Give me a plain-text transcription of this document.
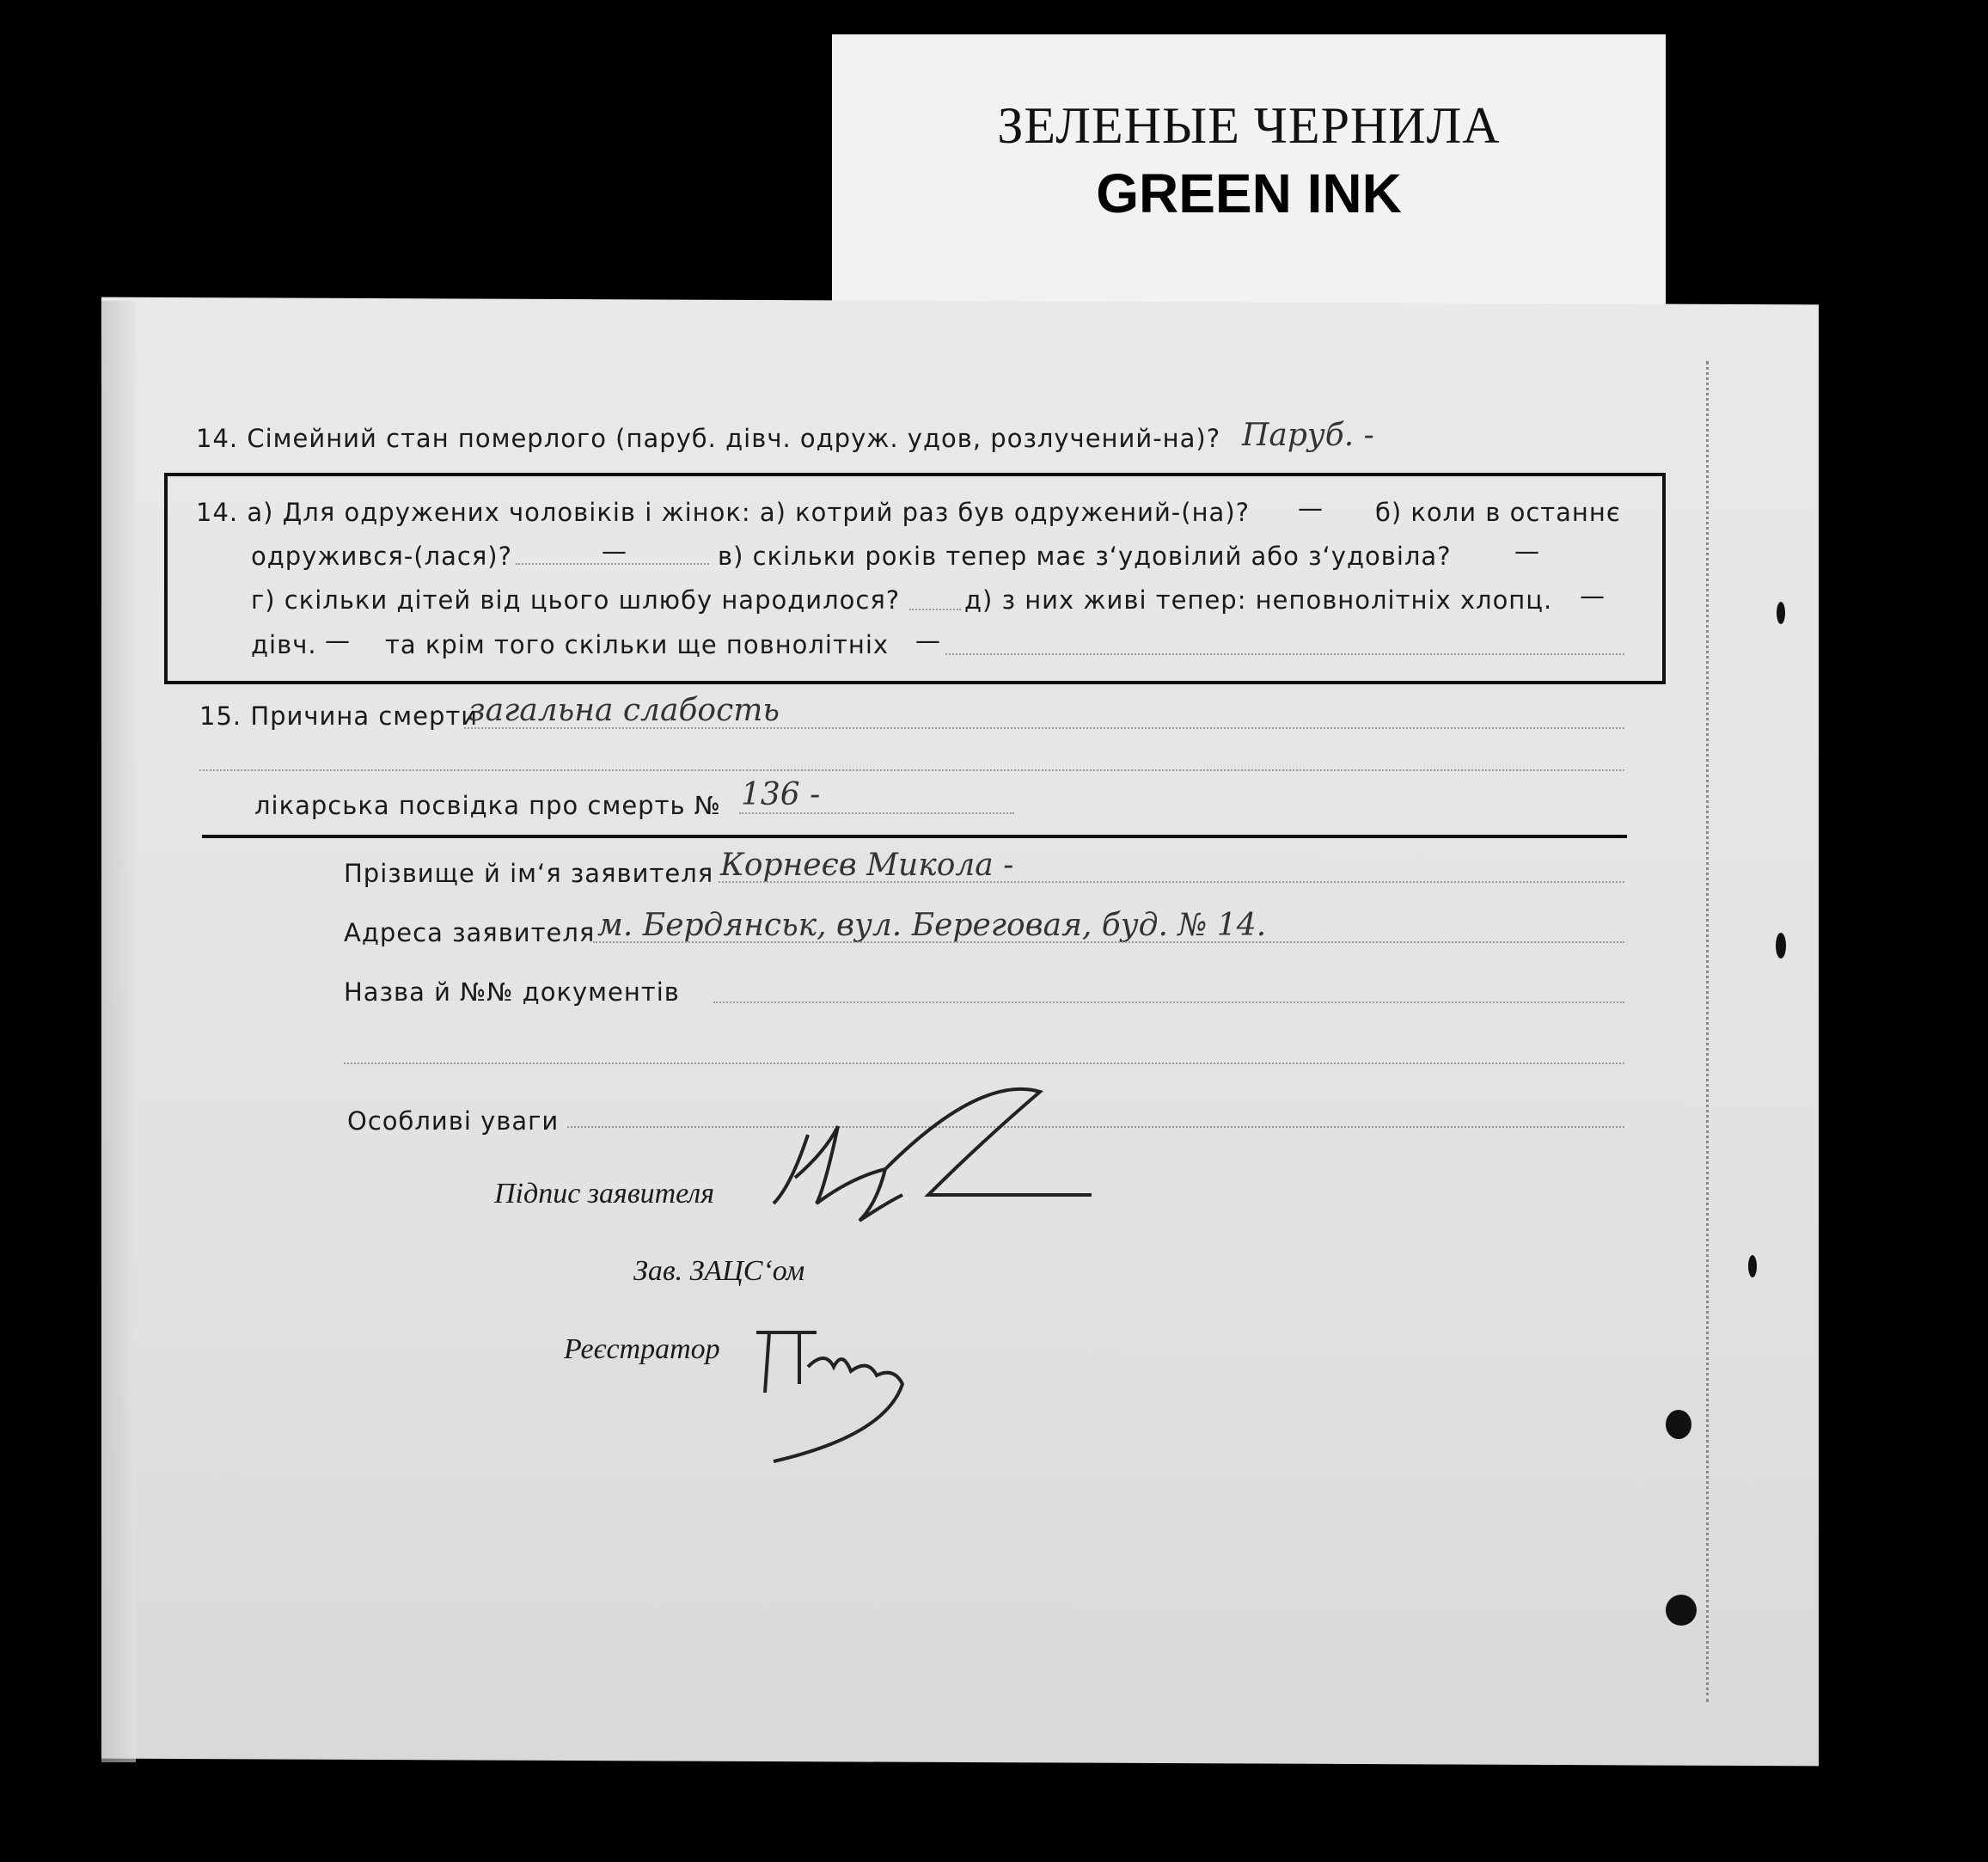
ЗЕЛЕНЫЕ ЧЕРНИЛА
GREEN INK
14. Сімейний стан померлого (паруб. дівч. одруж. удов, розлучений-на)? Паруб. -
14. а) Для одружених чоловіків і жінок: а) котрий раз був одружений-(на)? — б) коли в останнє
одружився-(лася)?	—	в) скільки років тепер має з‘удовілий або з‘удовіла?	—
г) скільки дітей від цього шлюбу народилося?	д) з них живі тепер: неповнолітніх хлопц. —
дівч. — та крім того скільки ще повнолітніх —
15. Причина смерти
загальна слабость
лікарська посвідка про смерть № 136 -
Прізвище й ім‘я заявителя Корнеєв Микола -
Адреса заявителя м. Бердянськ, вул. Береговая, буд. № 14.
Назва й №№ документів
Особливі уваги
Підпис заявителя
Зав. ЗАЦС‘ом
Реєстратор
